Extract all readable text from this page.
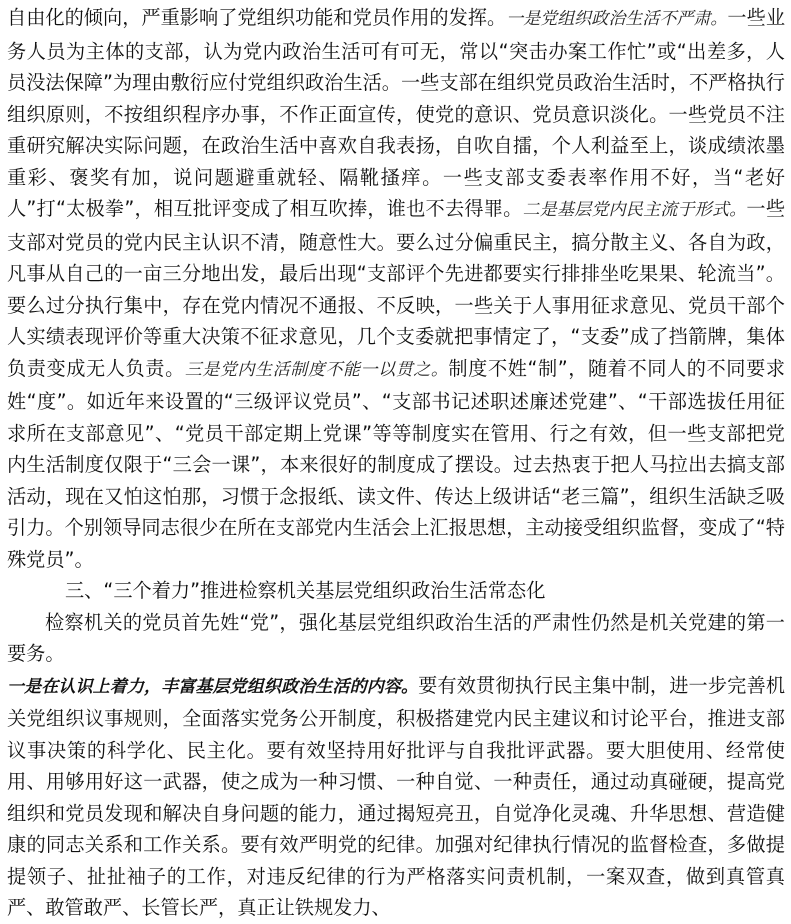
自由化的倾向，严重影响了党组织功能和党员作用的发挥。一是党组织政治生活不严肃。一些业务人员为主体的支部，认为党内政治生活可有可无，常以“突击办案工作忙”或“出差多，人员没法保障”为理由敷衍应付党组织政治生活。一些支部在组织党员政治生活时，不严格执行组织原则，不按组织程序办事，不作正面宣传，使党的意识、党员意识淡化。一些党员不注重研究解决实际问题，在政治生活中喜欢自我表扬，自吹自擂，个人利益至上，谈成绩浓墨重彩、褒奖有加，说问题避重就轻、隔靴搔痒。一些支部支委表率作用不好，当“老好人”打“太极拳”，相互批评变成了相互吹捧，谁也不去得罪。二是基层党内民主流于形式。一些支部对党员的党内民主认识不清，随意性大。要么过分偏重民主，搞分散主义、各自为政，凡事从自己的一亩三分地出发，最后出现“支部评个先进都要实行排排坐吃果果、轮流当”。要么过分执行集中，存在党内情况不通报、不反映，一些关于人事用征求意见、党员干部个人实绩表现评价等重大决策不征求意见，几个支委就把事情定了，“支委”成了挡箭牌，集体负责变成无人负责。三是党内生活制度不能一以贯之。制度不姓“制”，随着不同人的不同要求姓“度”。如近年来设置的“三级评议党员”、“支部书记述职述廉述党建”、“干部选拔任用征求所在支部意见”、“党员干部定期上党课”等等制度实在管用、行之有效，但一些支部把党内生活制度仅限于“三会一课”，本来很好的制度成了摆设。过去热衷于把人马拉出去搞支部活动，现在又怕这怕那，习惯于念报纸、读文件、传达上级讲话“老三篇”，组织生活缺乏吸引力。个别领导同志很少在所在支部党内生活会上汇报思想，主动接受组织监督，变成了“特殊党员”。

三、“三个着力”推进检察机关基层党组织政治生活常态化

检察机关的党员首先姓“党”，强化基层党组织政治生活的严肃性仍然是机关党建的第一要务。

一是在认识上着力，丰富基层党组织政治生活的内容。要有效贯彻执行民主集中制，进一步完善机关党组织议事规则，全面落实党务公开制度，积极搭建党内民主建议和讨论平台，推进支部议事决策的科学化、民主化。要有效坚持用好批评与自我批评武器。要大胆使用、经常使用、用够用好这一武器，使之成为一种习惯、一种自觉、一种责任，通过动真碰硬，提高党组织和党员发现和解决自身问题的能力，通过揭短亮丑，自觉净化灵魂、升华思想、营造健康的同志关系和工作关系。要有效严明党的纪律。加强对纪律执行情况的监督检查，多做提提领子、扯扯袖子的工作，对违反纪律的行为严格落实问责机制，一案双查，做到真管真严、敢管敢严、长管长严，真正让铁规发力、
